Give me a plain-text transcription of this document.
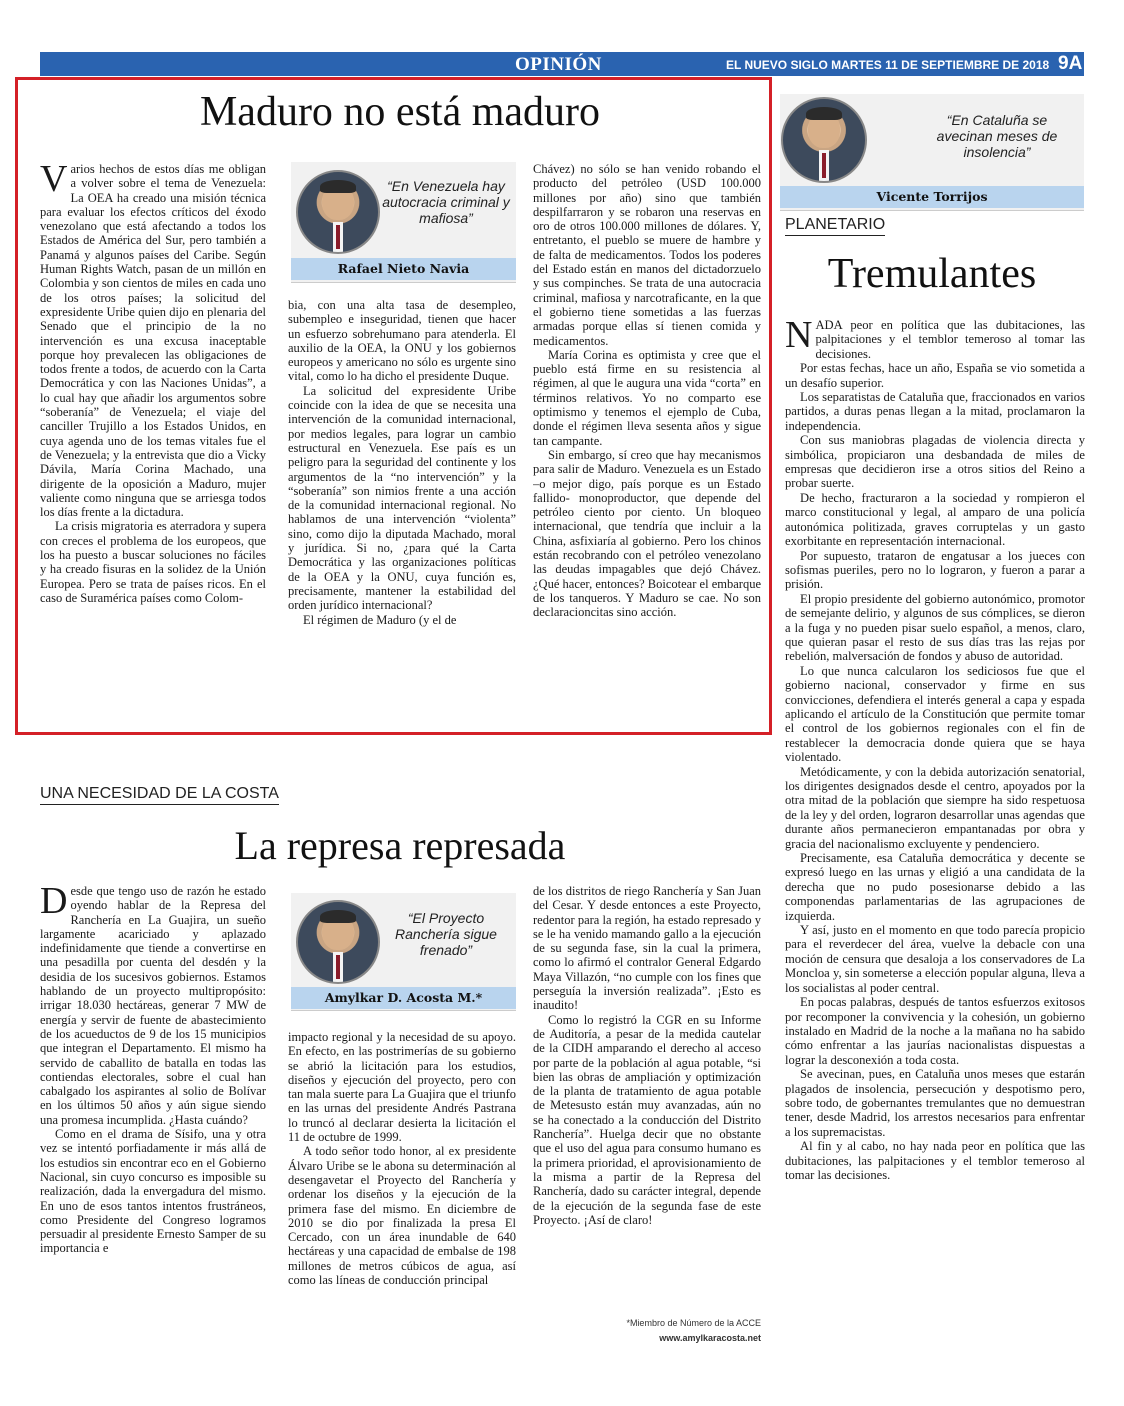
OPINIÓN	EL NUEVO SIGLO MARTES 11 DE SEPTIEMBRE DE 2018 9A
Maduro no está maduro

Varios hechos de estos días me obligan a volver sobre el tema de Venezuela: La OEA ha creado una misión técnica para evaluar los efectos críticos del éxodo venezolano que está afectando a todos los Estados de América del Sur, pero también a Panamá y algunos países del Caribe. Según Human Rights Watch, pasan de un millón en Colombia y son cientos de miles en cada uno de los otros países; la solicitud del expresidente Uribe quien dijo en plenaria del Senado que el principio de la no intervención es una excusa inaceptable porque hoy prevalecen las obligaciones de todos frente a todos, de acuerdo con la Carta Democrática y con las Naciones Unidas”, a lo cual hay que añadir los argumentos sobre “soberanía” de Venezuela; el viaje del canciller Trujillo a los Estados Unidos, en cuya agenda uno de los temas vitales fue el de Venezuela; y la entrevista que dio a Vicky Dávila, María Corina Machado, una dirigente de la oposición a Maduro, mujer valiente como ninguna que se arriesga todos los días frente a la dictadura.

La crisis migratoria es aterradora y supera con creces el problema de los europeos, que los ha puesto a buscar soluciones no fáciles y ha creado fisuras en la solidez de la Unión Europea. Pero se trata de países ricos. En el caso de Suramérica países como Colom-

“En Venezuela hay autocracia criminal y mafiosa”
Rafael Nieto Navia

bia, con una alta tasa de desempleo, subempleo e inseguridad, tienen que hacer un esfuerzo sobrehumano para atenderla. El auxilio de la OEA, la ONU y los gobiernos europeos y americano no sólo es urgente sino vital, como lo ha dicho el presidente Duque.

La solicitud del expresidente Uribe coincide con la idea de que se necesita una intervención de la comunidad internacional, por medios legales, para lograr un cambio estructural en Venezuela. Ese país es un peligro para la seguridad del continente y los argumentos de la “no intervención” y la “soberanía” son nimios frente a una acción de la comunidad internacional regional. No hablamos de una intervención “violenta” sino, como dijo la diputada Machado, moral y jurídica. Si no, ¿para qué la Carta Democrática y las organizaciones políticas de la OEA y la ONU, cuya función es, precisamente, mantener la estabilidad del orden jurídico internacional?

El régimen de Maduro (y el de

Chávez) no sólo se han venido robando el producto del petróleo (USD 100.000 millones por año) sino que también despilfarraron y se robaron una reservas en oro de otros 100.000 millones de dólares. Y, entretanto, el pueblo se muere de hambre y de falta de medicamentos. Todos los poderes del Estado están en manos del dictadorzuelo y sus compinches. Se trata de una autocracia criminal, mafiosa y narcotraficante, en la que el gobierno tiene sometidas a las fuerzas armadas porque ellas sí tienen comida y medicamentos.

María Corina es optimista y cree que el pueblo está firme en su resistencia al régimen, al que le augura una vida “corta” en términos relativos. Yo no comparto ese optimismo y tenemos el ejemplo de Cuba, donde el régimen lleva sesenta años y sigue tan campante.

Sin embargo, sí creo que hay mecanismos para salir de Maduro. Venezuela es un Estado –o mejor digo, país porque es un Estado fallido- monoproductor, que depende del petróleo ciento por ciento. Un bloqueo internacional, que tendría que incluir a la China, asfixiaría al gobierno. Pero los chinos están recobrando con el petróleo venezolano las deudas impagables que dejó Chávez. ¿Qué hacer, entonces? Boicotear el embarque de los tanqueros. Y Maduro se cae. No son declaracioncitas sino acción.

UNA NECESIDAD DE LA COSTA
La represa represada

Desde que tengo uso de razón he estado oyendo hablar de la Represa del Ranchería en La Guajira, un sueño largamente acariciado y aplazado indefinidamente que tiende a convertirse en una pesadilla por cuenta del desdén y la desidia de los sucesivos gobiernos. Estamos hablando de un proyecto multipropósito: irrigar 18.030 hectáreas, generar 7 MW de energía y servir de fuente de abastecimiento de los acueductos de 9 de los 15 municipios que integran el Departamento. El mismo ha servido de caballito de batalla en todas las contiendas electorales, sobre el cual han cabalgado los aspirantes al solio de Bolívar en los últimos 50 años y aún sigue siendo una promesa incumplida. ¿Hasta cuándo?

Como en el drama de Sísifo, una y otra vez se intentó porfiadamente ir más allá de los estudios sin encontrar eco en el Gobierno Nacional, sin cuyo concurso es imposible su realización, dada la envergadura del mismo. En uno de esos tantos intentos frustráneos, como Presidente del Congreso logramos persuadir al presidente Ernesto Samper de su importancia e

“El Proyecto Ranchería sigue frenado”
Amylkar D. Acosta M.*

impacto regional y la necesidad de su apoyo. En efecto, en las postrimerías de su gobierno se abrió la licitación para los estudios, diseños y ejecución del proyecto, pero con tan mala suerte para La Guajira que el triunfo en las urnas del presidente Andrés Pastrana lo truncó al declarar desierta la licitación el 11 de octubre de 1999.

A todo señor todo honor, al ex presidente Álvaro Uribe se le abona su determinación al desengavetar el Proyecto del Ranchería y ordenar los diseños y la ejecución de la primera fase del mismo. En diciembre de 2010 se dio por finalizada la presa El Cercado, con un área inundable de 640 hectáreas y una capacidad de embalse de 198 millones de metros cúbicos de agua, así como las líneas de conducción principal

de los distritos de riego Ranchería y San Juan del Cesar. Y desde entonces a este Proyecto, redentor para la región, ha estado represado y se le ha venido mamando gallo a la ejecución de su segunda fase, sin la cual la primera, como lo afirmó el contralor General Edgardo Maya Villazón, “no cumple con los fines que perseguía la inversión realizada”. ¡Esto es inaudito!

Como lo registró la CGR en su Informe de Auditoría, a pesar de la medida cautelar de la CIDH amparando el derecho al acceso por parte de la población al agua potable, “si bien las obras de ampliación y optimización de la planta de tratamiento de agua potable de Metesusto están muy avanzadas, aún no se ha conectado a la conducción del Distrito Ranchería”. Huelga decir que no obstante que el uso del agua para consumo humano es la primera prioridad, el aprovisionamiento de la misma a partir de la Represa del Ranchería, dado su carácter integral, depende de la ejecución de la segunda fase de este Proyecto. ¡Así de claro!

*Miembro de Número de la ACCE
www.amylkaracosta.net
“En Cataluña se avecinan meses de insolencia”
Vicente Torrijos
PLANETARIO
Tremulantes

NADA peor en política que las dubitaciones, las palpitaciones y el temblor temeroso al tomar las decisiones.

Por estas fechas, hace un año, España se vio sometida a un desafío superior.

Los separatistas de Cataluña que, fraccionados en varios partidos, a duras penas llegan a la mitad, proclamaron la independencia.

Con sus maniobras plagadas de violencia directa y simbólica, propiciaron una desbandada de miles de empresas que decidieron irse a otros sitios del Reino a probar suerte.

De hecho, fracturaron a la sociedad y rompieron el marco constitucional y legal, al amparo de una policía autonómica politizada, graves corruptelas y un gasto exorbitante en representación internacional.

Por supuesto, trataron de engatusar a los jueces con sofismas pueriles, pero no lo lograron, y fueron a parar a prisión.

El propio presidente del gobierno autonómico, promotor de semejante delirio, y algunos de sus cómplices, se dieron a la fuga y no pueden pisar suelo español, a menos, claro, que quieran pasar el resto de sus días tras las rejas por rebelión, malversación de fondos y abuso de autoridad.

Lo que nunca calcularon los sediciosos fue que el gobierno nacional, conservador y firme en sus convicciones, defendiera el interés general a capa y espada aplicando el artículo de la Constitución que permite tomar el control de los gobiernos regionales con el fin de restablecer la democracia donde quiera que se haya violentado.

Metódicamente, y con la debida autorización senatorial, los dirigentes designados desde el centro, apoyados por la otra mitad de la población que siempre ha sido respetuosa de la ley y del orden, lograron desarrollar unas agendas que durante años permanecieron empantanadas por obra y gracia del nacionalismo excluyente y pendenciero.

Precisamente, esa Cataluña democrática y decente se expresó luego en las urnas y eligió a una candidata de la derecha que no pudo posesionarse debido a las componendas parlamentarias de las agrupaciones de izquierda.

Y así, justo en el momento en que todo parecía propicio para el reverdecer del área, vuelve la debacle con una moción de censura que desaloja a los conservadores de La Moncloa y, sin someterse a elección popular alguna, lleva a los socialistas al poder central.

En pocas palabras, después de tantos esfuerzos exitosos por recomponer la convivencia y la cohesión, un gobierno instalado en Madrid de la noche a la mañana no ha sabido cómo enfrentar a las jaurías nacionalistas dispuestas a lograr la desconexión a toda costa.

Se avecinan, pues, en Cataluña unos meses que estarán plagados de insolencia, persecución y despotismo pero, sobre todo, de gobernantes tremulantes que no demuestran tener, desde Madrid, los arrestos necesarios para enfrentar a los supremacistas.

Al fin y al cabo, no hay nada peor en política que las dubitaciones, las palpitaciones y el temblor temeroso al tomar las decisiones.
